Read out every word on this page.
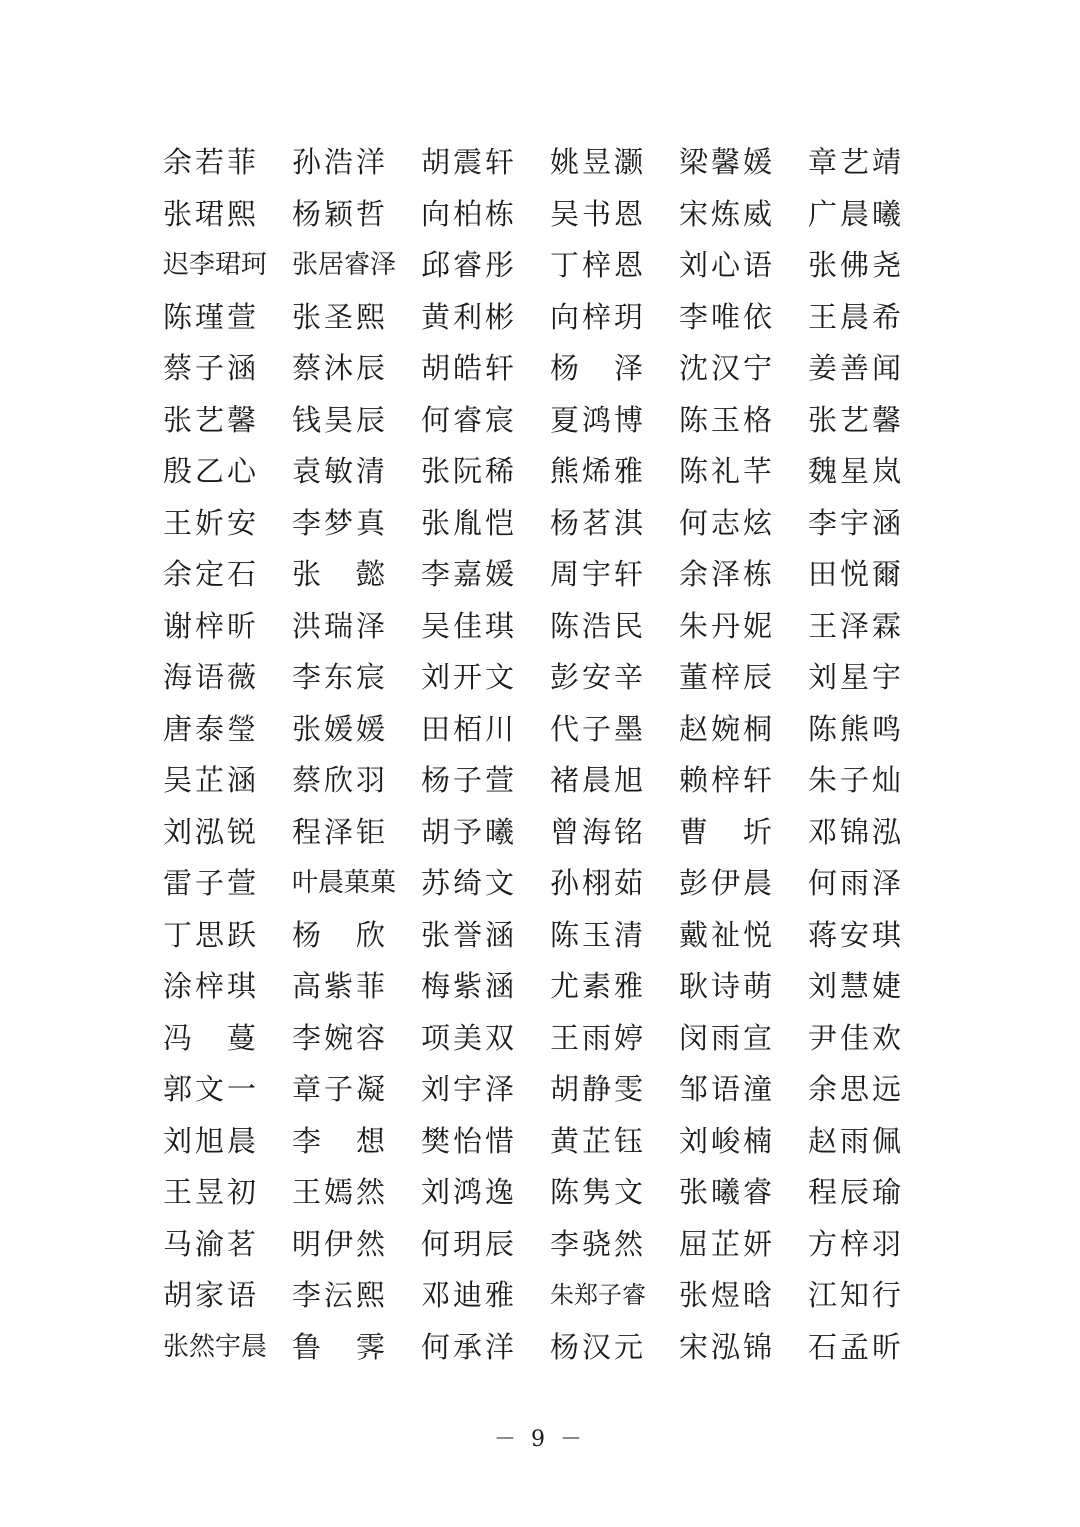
余若菲	孙浩洋	胡震轩	姚昱灏	梁馨媛	章艺靖
张珺熙	杨颖哲	向柏栋	吴书恩	宋炼威	广晨曦
迟李珺珂 张居睿泽 邱睿彤	丁梓恩	刘心语	张佛尧
陈瑾萱	张圣熙	黄利彬	向梓玥	李唯依	王晨希
蔡子涵	蔡沐辰	胡皓轩	杨　泽	沈汉宁	姜善闻
张艺馨	钱昊辰	何睿宸	夏鸿博	陈玉格	张艺馨
殷乙心	袁敏清	张阮稀	熊烯雅	陈礼芊	魏星岚
王妡安	李梦真	张胤恺	杨茗淇	何志炫	李宇涵
余定石	张　懿	李嘉媛	周宇轩	余泽栋	田悦爾
谢梓昕	洪瑞泽	吴佳琪	陈浩民	朱丹妮	王泽霖
海语薇	李东宸	刘开文	彭安辛	董梓辰	刘星宇
唐泰瑩	张媛媛	田栢川	代子墨	赵婉桐	陈熊鸣
吴芷涵	蔡欣羽	杨子萱	褚晨旭	赖梓轩	朱子灿
刘泓锐	程泽钜	胡予曦	曾海铭	曹　圻	邓锦泓
雷子萱	叶晨菓菓 苏绮文	孙栩茹	彭伊晨	何雨泽
丁思跃	杨　欣	张誉涵	陈玉清	戴祉悦	蒋安琪
涂梓琪	高紫菲	梅紫涵	尤素雅	耿诗萌	刘慧婕
冯　蔓	李婉容	项美双	王雨婷	闵雨宣	尹佳欢
郭文一	章子凝	刘宇泽	胡静雯	邹语潼	余思远
刘旭晨	李　想	樊怡惜	黄芷钰	刘峻楠	赵雨佩
王昱初	王嫣然	刘鸿逸	陈隽文	张曦睿	程辰瑜
马渝茗	明伊然	何玥辰	李骁然	屈芷妍	方梓羽
胡家语	李沄熙	邓迪雅	朱郑子睿	张煜晗	江知行
张然宇晨 鲁　霁	何承洋	杨汉元	宋泓锦	石孟昕
－ 9 －
